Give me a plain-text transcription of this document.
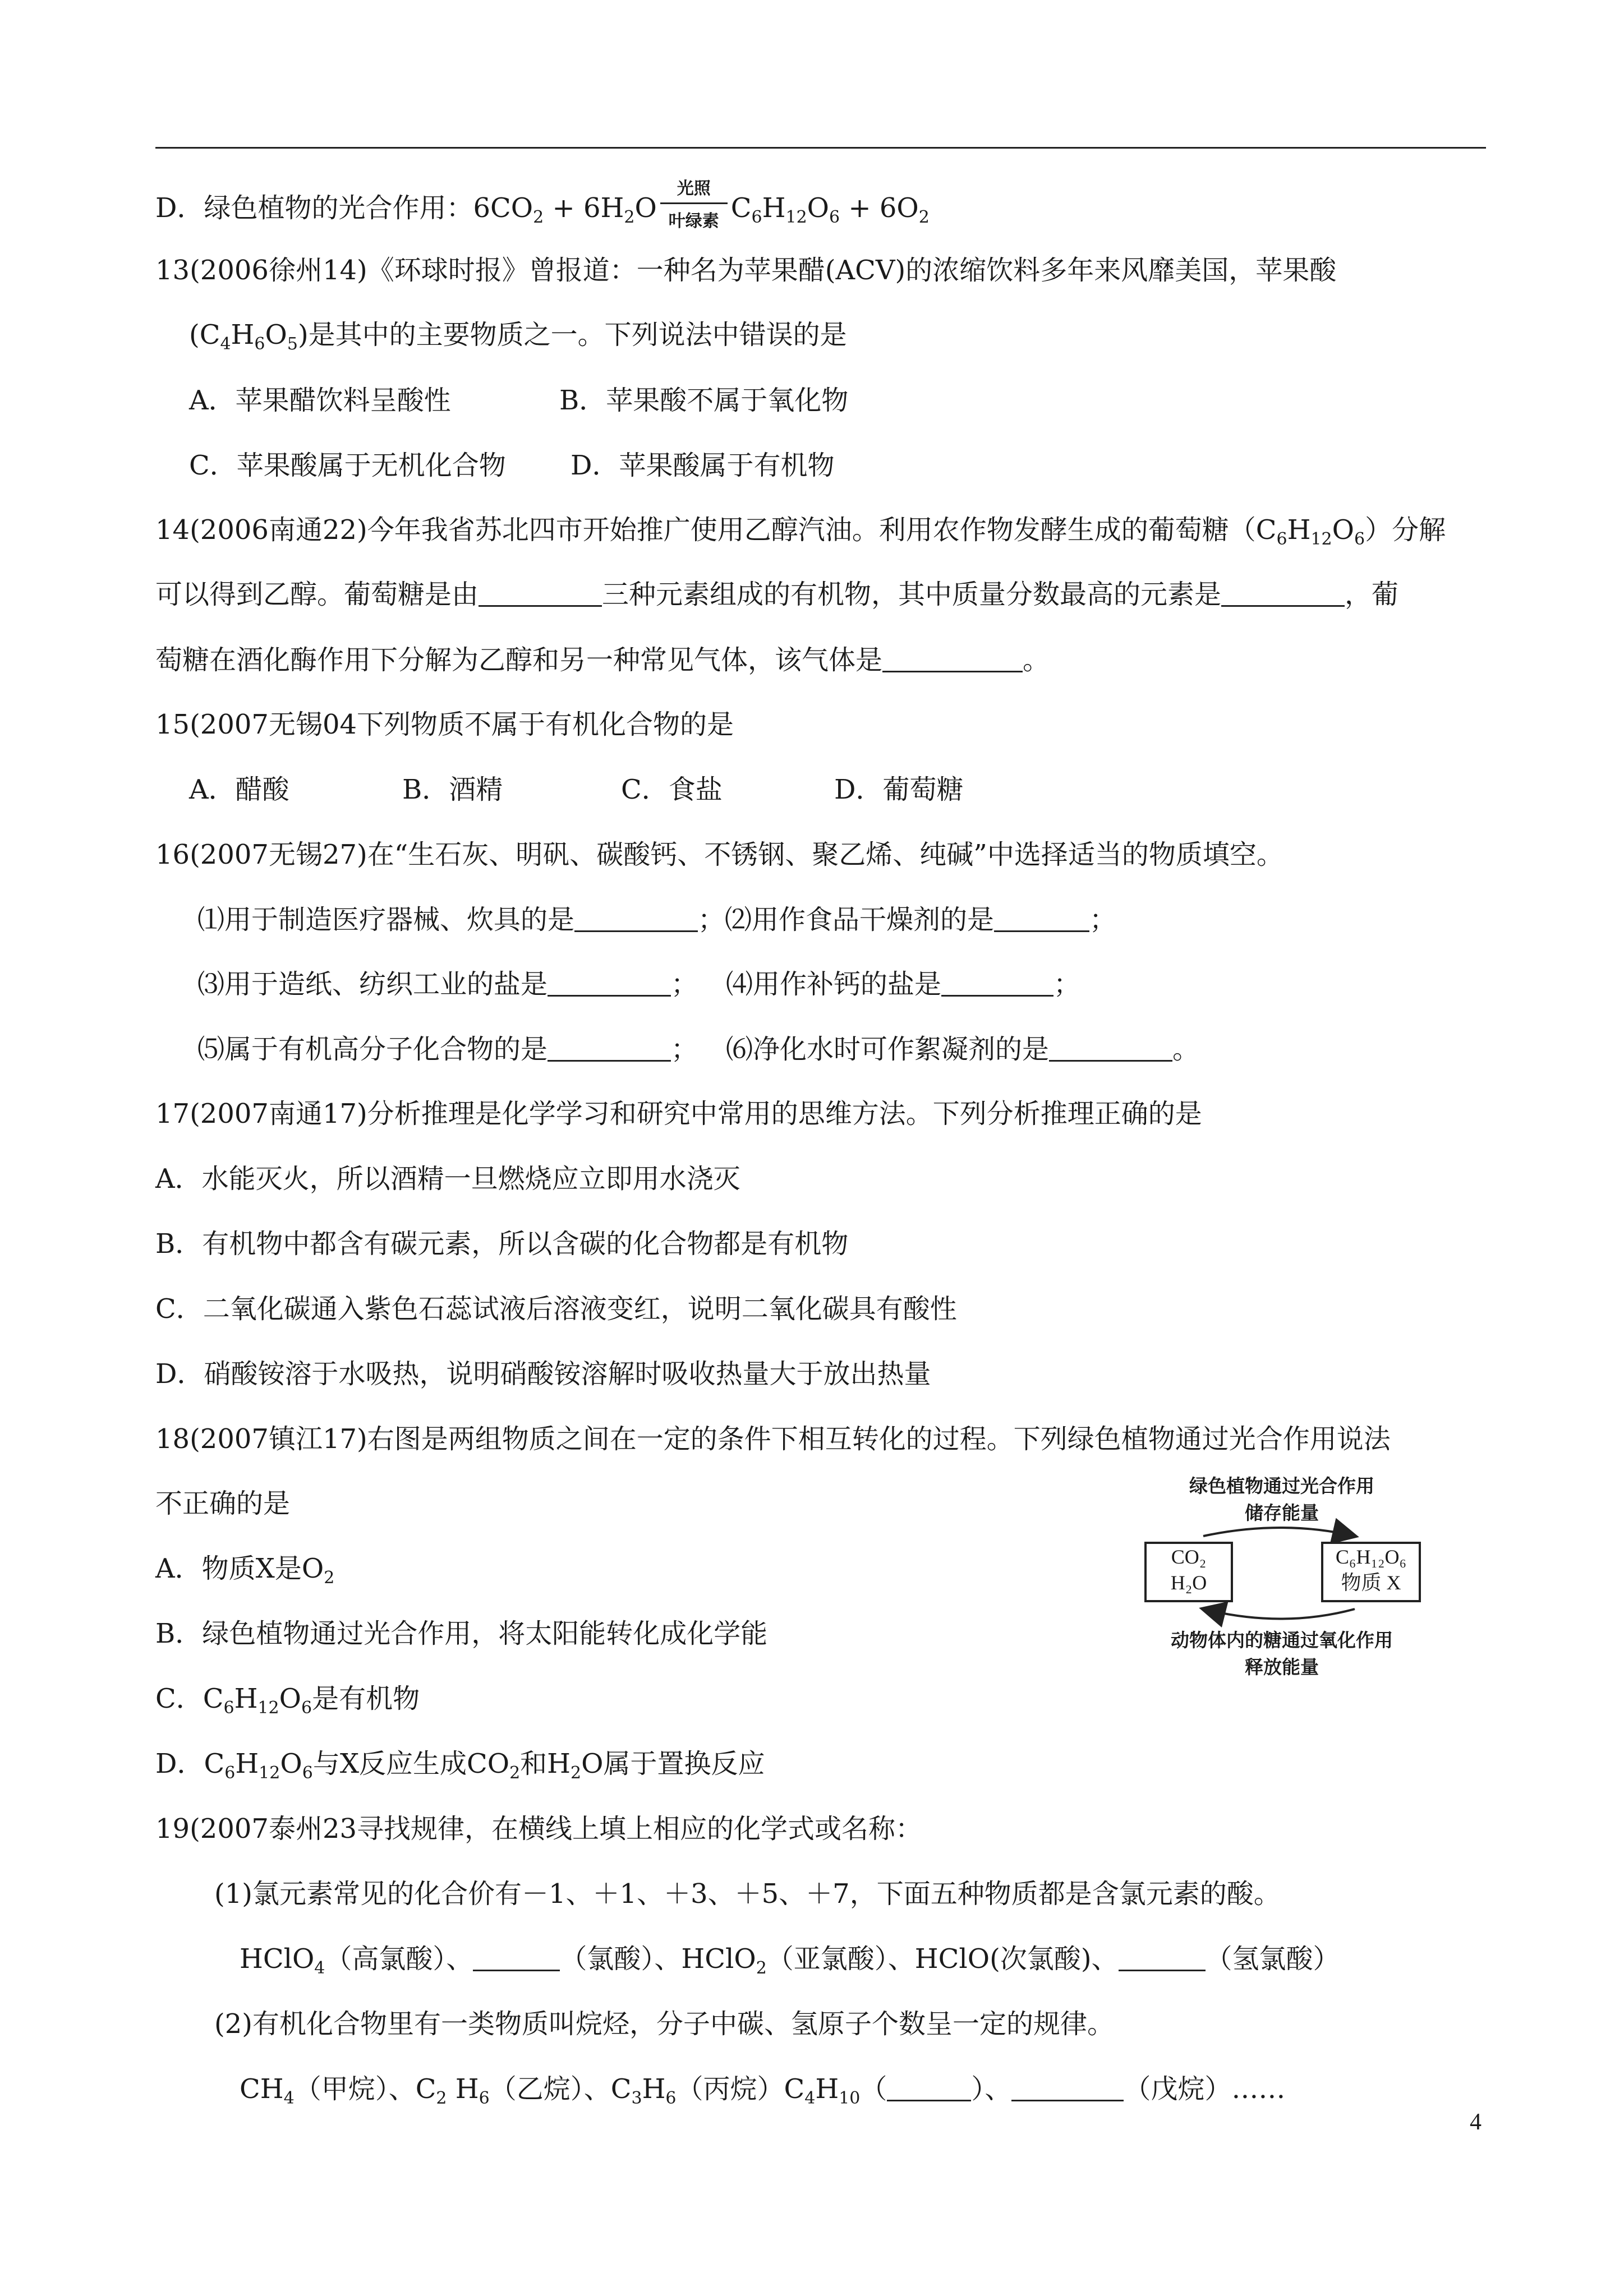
D．绿色植物的光合作用：$6CO_2 + 6H_2O$
光照
叶绿素 $C_6H_{12}O_6 + 6O_2$
13(2006徐州14)《环球时报》曾报道：一种名为苹果醋(ACV)的浓缩饮料多年来风靡美国，苹果酸
$(C_4H_6O_5)$是其中的主要物质之一。下列说法中错误的是
A．苹果醋饮料呈酸性	B．苹果酸不属于氧化物
C．苹果酸属于无机化合物 D．苹果酸属于有机物
14(2006南通22)今年我省苏北四市开始推广使用乙醇汽油。利用农作物发酵生成的葡萄糖$(C_6H_{12}O_6)$分解
可以得到乙醇。葡萄糖是由	三种元素组成的有机物，其中质量分数最高的元素是	，葡
萄糖在酒化酶作用下分解为乙醇和另一种常见气体，该气体是	。
15(2007无锡04下列物质不属于有机化合物的是
A．醋酸	B．酒精	C．食盐	D．葡萄糖
16(2007无锡27)在“生石灰、明矾、碳酸钙、不锈钢、聚乙烯、纯碱”中选择适当的物质填空。
⑴用于制造医疗器械、炊具的是	；⑵用作食品干燥剂的是	；
⑶用于造纸、纺织工业的盐是	； ⑷用作补钙的盐是	；
⑸属于有机高分子化合物的是	； ⑹净化水时可作絮凝剂的是	。
17(2007南通17)分析推理是化学学习和研究中常用的思维方法。下列分析推理正确的是
A．水能灭火，所以酒精一旦燃烧应立即用水浇灭
B．有机物中都含有碳元素，所以含碳的化合物都是有机物
C．二氧化碳通入紫色石蕊试液后溶液变红，说明二氧化碳具有酸性
D．硝酸铵溶于水吸热，说明硝酸铵溶解时吸收热量大于放出热量
18(2007镇江17)右图是两组物质之间在一定的条件下相互转化的过程。下列绿色植物通过光合作用说法
不正确的是
A．物质X是$O_2$
B．绿色植物通过光合作用，将太阳能转化成化学能
C．$C_6H_{12}O_6$是有机物
D．$C_6H_{12}O_6$与X反应生成$CO_2$和$H_2O$属于置换反应
绿色植物通过光合作用
储存能量
CO₂
H₂O
C₆H₁₂O₆
物质 X
动物体内的糖通过氧化作用
释放能量
19(2007泰州23寻找规律，在横线上填上相应的化学式或名称：
(1)氯元素常见的化合价有－1、＋1、＋3、＋5、＋7，下面五种物质都是含氯元素的酸。
HClO$_4$（高氯酸）、	（氯酸）、HClO$_2$（亚氯酸）、HClO(次氯酸)、	（氢氯酸）
(2)有机化合物里有一类物质叫烷烃，分子中碳、氢原子个数呈一定的规律。
$CH_4$（甲烷）、$C_2$ $H_6$（乙烷）、$C_3H_6$（丙烷）$C_4H_{10}$（	）、	（戊烷）……
4
